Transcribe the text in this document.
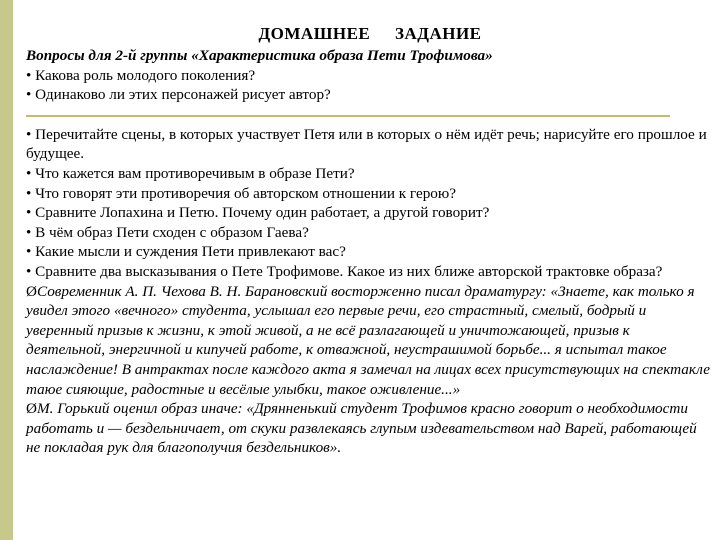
ДОМАШНЕЕ ЗАДАНИЕ
Вопросы для 2-й группы «Характеристика образа Пети Трофимова»
• Какова роль молодого поколения?
• Одинаково ли этих персонажей рисует автор?
• Перечитайте сцены, в которых участвует Петя или в которых о нём идёт речь; нарисуйте его прошлое и будущее.
• Что кажется вам противоречивым в образе Пети?
• Что говорят эти противоречия об авторском отношении к герою?
• Сравните Лопахина и Петю. Почему один работает, а другой говорит?
• В чём образ Пети сходен с образом Гаева?
• Какие мысли и суждения Пети привлекают вас?
• Сравните два высказывания о Пете Трофимове. Какое из них ближе авторской трактовке образа?
ØСовременник А. П. Чехова В. Н. Барановский восторженно писал драматургу: «Знаете, как только я увидел этого «вечного» студента, услышал его первые речи, его страстный, смелый, бодрый и уверенный призыв к жизни, к этой живой, а не всё разлагающей и уничтожающей, призыв к деятельной, энергичной и кипучей работе, к отважной, неустрашимой борьбе... я испытал такое наслаждение! В антрактах после каждого акта я замечал на лицах всех присутствующих на спектакле таюе сияющие, радостные и весёлые улыбки, такое оживление...»
ØМ. Горький оценил образ иначе: «Дрянненький студент Трофимов красно говорит о необходимости работать и — бездельничает, от скуки развлекаясь глупым издевательством над Варей, работающей не покладая рук для благополучия бездельников».
